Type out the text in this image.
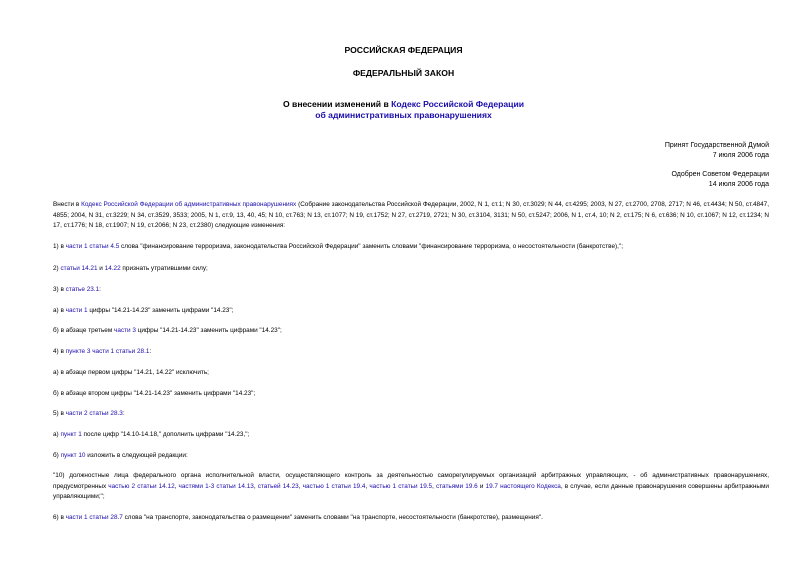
РОССИЙСКАЯ ФЕДЕРАЦИЯ
ФЕДЕРАЛЬНЫЙ ЗАКОН
О внесении изменений в Кодекс Российской Федерации
об административных правонарушениях
Принят Государственной Думой
7 июля 2006 года
Одобрен Советом Федерации
14 июля 2006 года
Внести в Кодекс Российской Федерации об административных правонарушениях (Собрание законодательства Российской Федерации, 2002, N 1, ст.1; N 30, ст.3029; N 44, ст.4295; 2003, N 27, ст.2700, 2708, 2717; N 46, ст.4434; N 50, ст.4847, 4855; 2004, N 31, ст.3229; N 34, ст.3529, 3533; 2005, N 1, ст.9, 13, 40, 45; N 10, ст.763; N 13, ст.1077; N 19, ст.1752; N 27, ст.2719, 2721; N 30, ст.3104, 3131; N 50, ст.5247; 2006, N 1, ст.4, 10; N 2, ст.175; N 6, ст.636; N 10, ст.1067; N 12, ст.1234; N 17, ст.1776; N 18, ст.1907; N 19, ст.2066; N 23, ст.2380) следующие изменения:
1) в части 1 статьи 4.5 слова "финансирование терроризма, законодательства Российской Федерации" заменить словами "финансирование терроризма, о несостоятельности (банкротстве),";
2) статьи 14.21 и 14.22 признать утратившими силу;
3) в статье 23.1:
а) в части 1 цифры "14.21-14.23" заменить цифрами "14.23";
б) в абзаце третьем части 3 цифры "14.21-14.23" заменить цифрами "14.23";
4) в пункте 3 части 1 статьи 28.1:
а) в абзаце первом цифры "14.21, 14.22" исключить;
б) в абзаце втором цифры "14.21-14.23" заменить цифрами "14.23";
5) в части 2 статьи 28.3:
а) пункт 1 после цифр "14.10-14.18," дополнить цифрами "14.23,";
б) пункт 10 изложить в следующей редакции:
"10) должностные лица федерального органа исполнительной власти, осуществляющего контроль за деятельностью саморегулируемых организаций арбитражных управляющих, - об административных правонарушениях, предусмотренных частью 2 статьи 14.12, частями 1-3 статьи 14.13, статьей 14.23, частью 1 статьи 19.4, частью 1 статьи 19.5, статьями 19.6 и 19.7 настоящего Кодекса, в случае, если данные правонарушения совершены арбитражными управляющими;";
6) в части 1 статьи 28.7 слова "на транспорте, законодательства о размещении" заменить словами "на транспорте, несостоятельности (банкротстве), размещения".
